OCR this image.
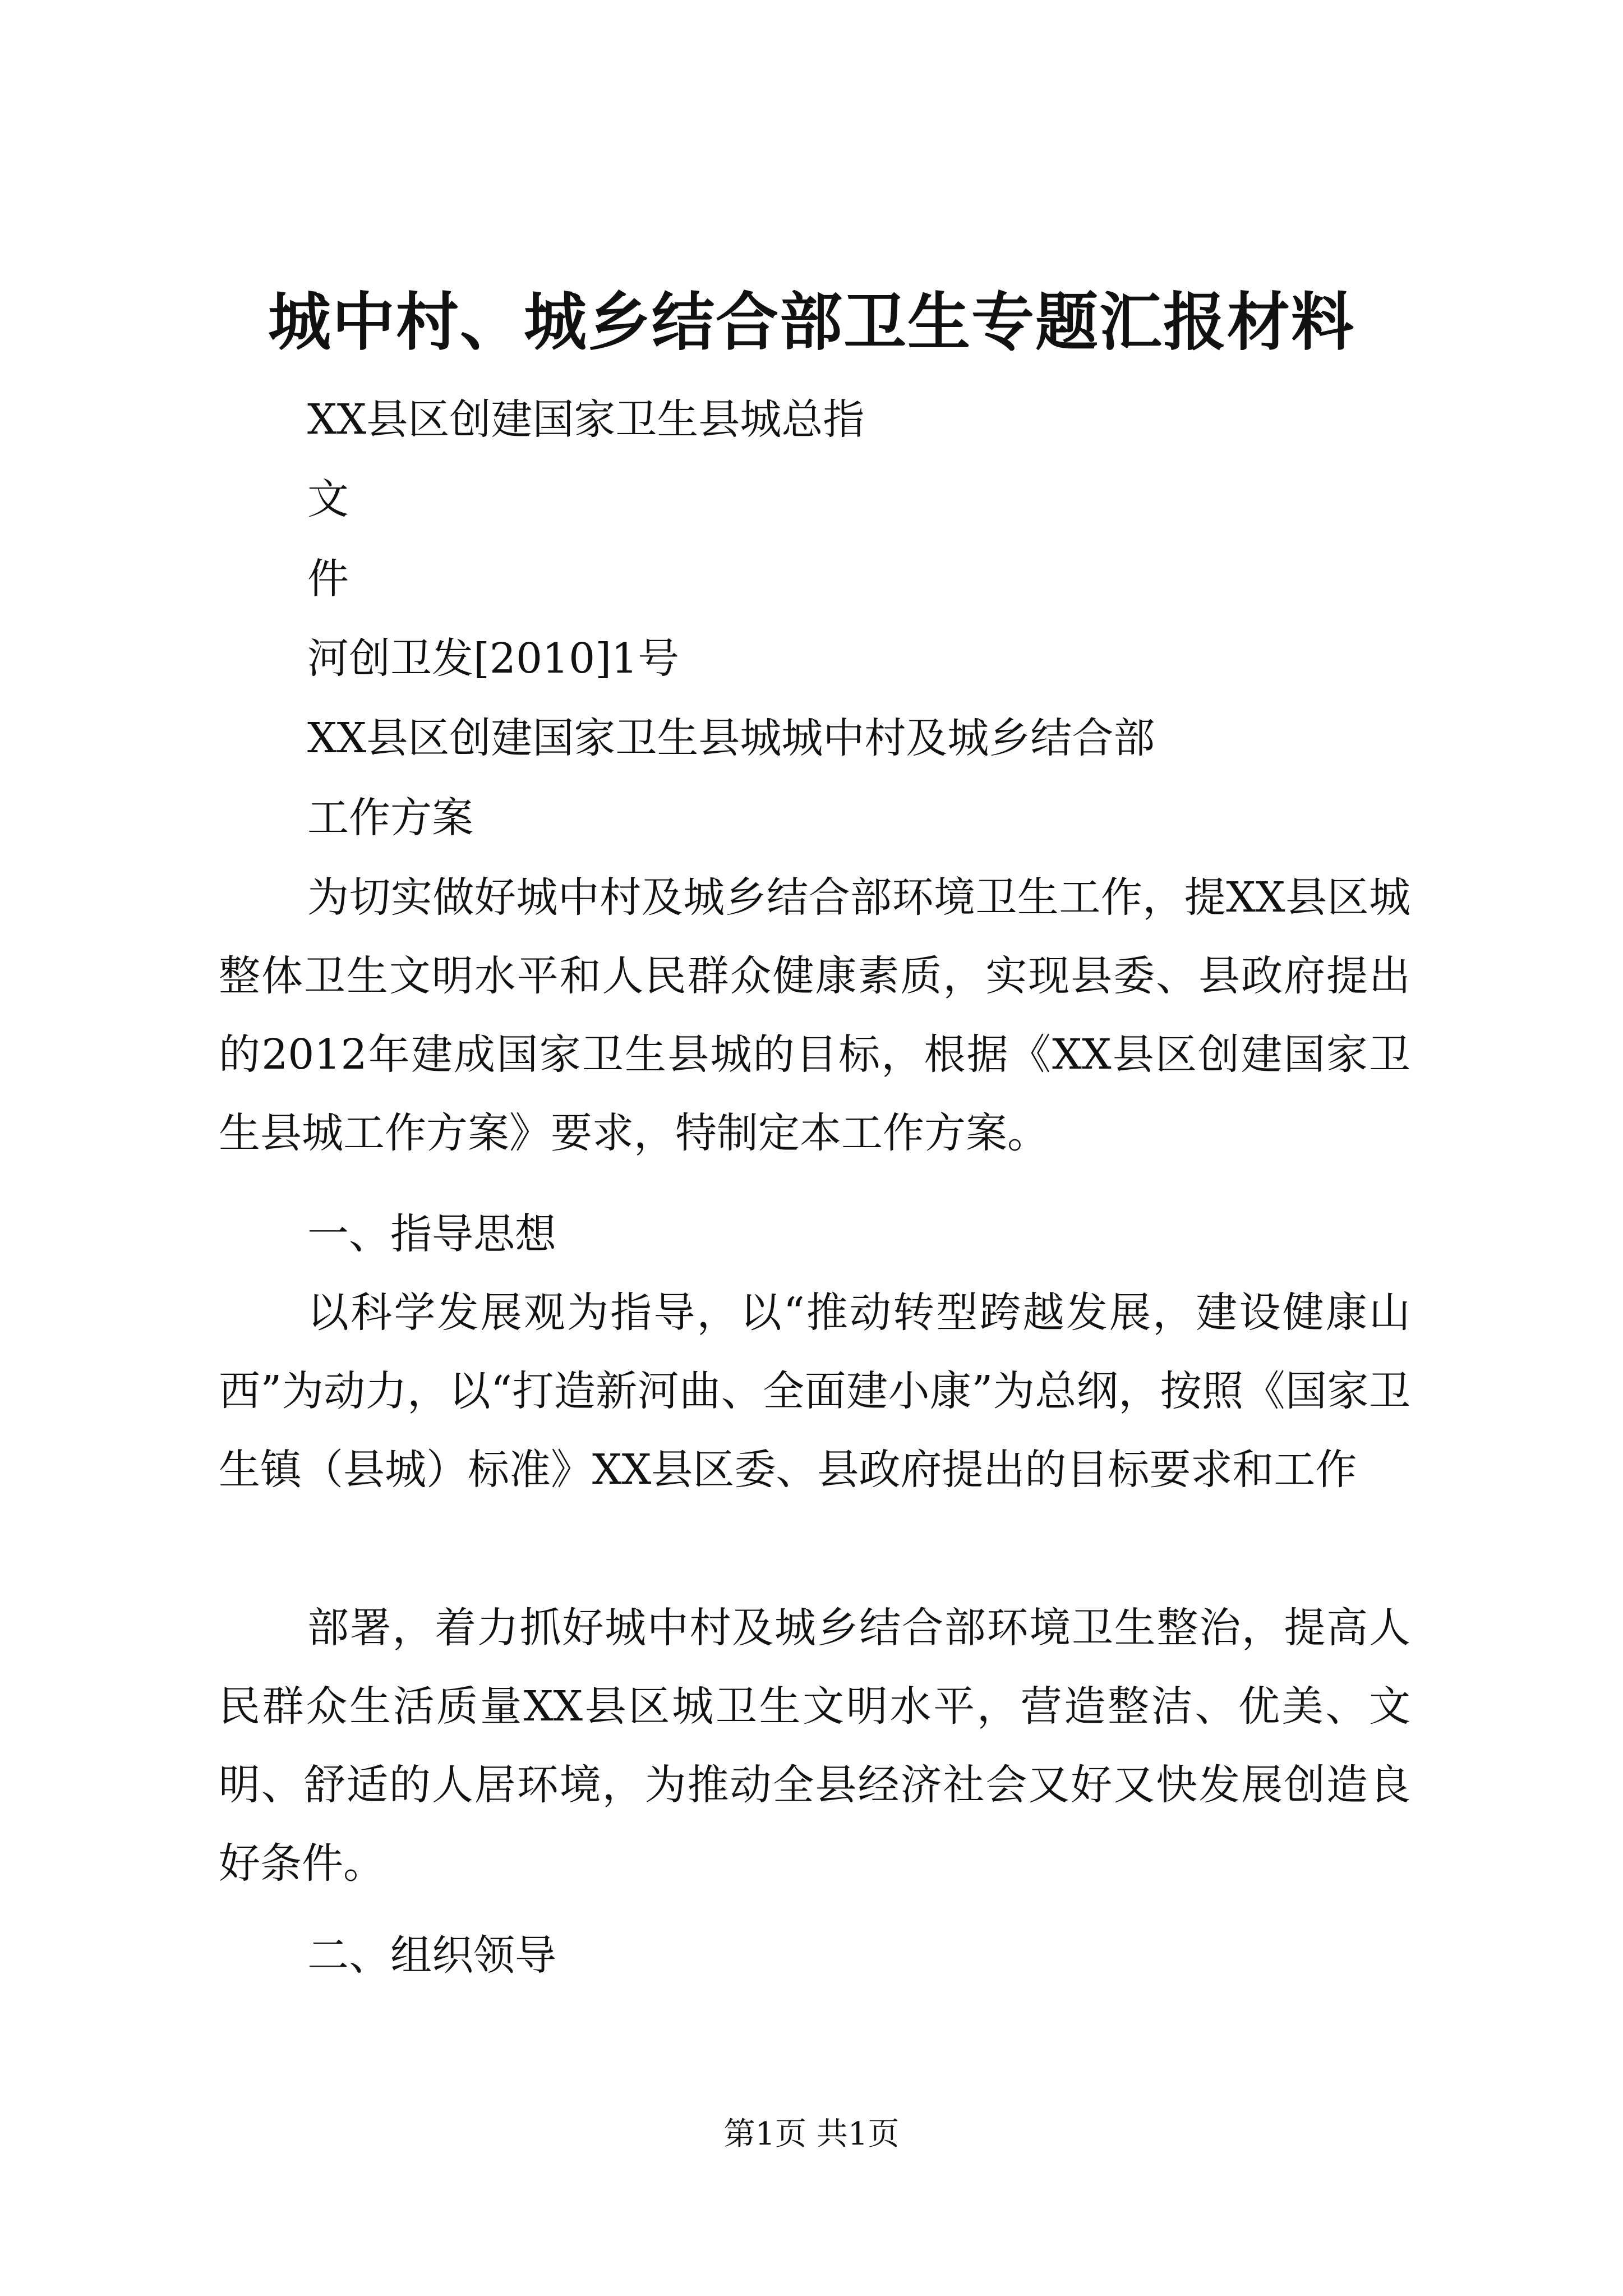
城中村、城乡结合部卫生专题汇报材料
XX县区创建国家卫生县城总指
文
件
河创卫发[2010]1号
XX县区创建国家卫生县城城中村及城乡结合部
工作方案

为切实做好城中村及城乡结合部环境卫生工作，提XX县区城整体卫生文明水平和人民群众健康素质，实现县委、县政府提出的2012年建成国家卫生县城的目标，根据《XX县区创建国家卫生县城工作方案》要求，特制定本工作方案。

一、指导思想

以科学发展观为指导，以“推动转型跨越发展，建设健康山西”为动力，以“打造新河曲、全面建小康”为总纲，按照《国家卫生镇（县城）标准》XX县区委、县政府提出的目标要求和工作

部署，着力抓好城中村及城乡结合部环境卫生整治，提高人民群众生活质量XX县区城卫生文明水平，营造整洁、优美、文明、舒适的人居环境，为推动全县经济社会又好又快发展创造良好条件。

二、组织领导
第1页 共1页
